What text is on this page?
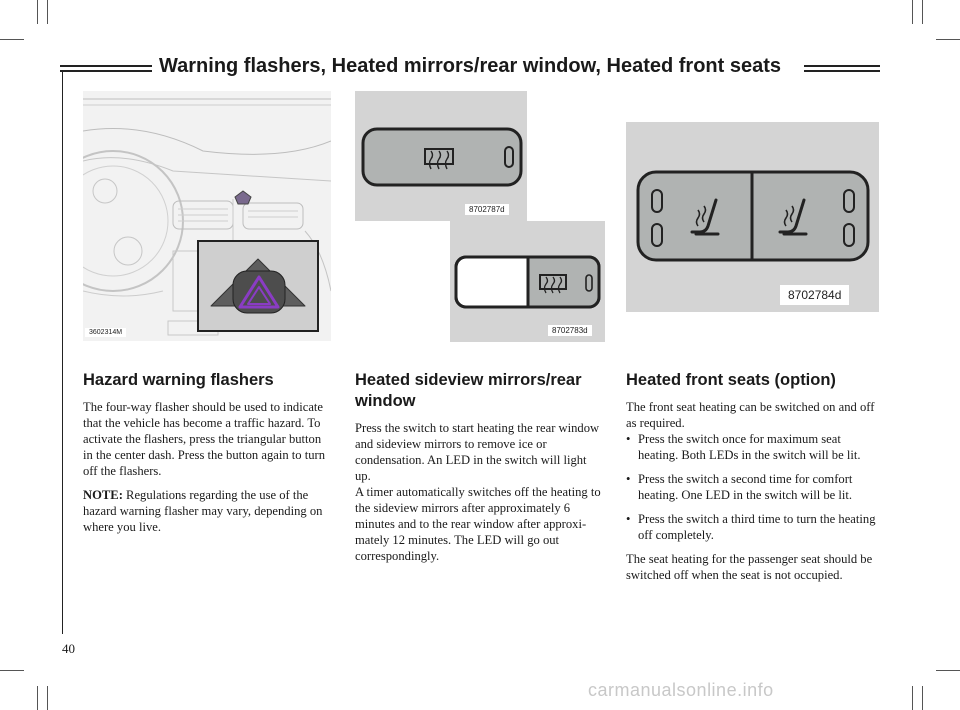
Warning flashers, Heated mirrors/rear window, Heated front seats
3602314M
8702787d
8702783d
8702784d
Hazard warning flashers

The four-way flasher should be used to indicate that the vehicle has become a traffic hazard. To activate the flashers, press the triangular button in the center dash. Press the button again to turn off the flashers.

NOTE: Regulations regarding the use of the hazard warning flasher may vary, depending on where you live.

Heated sideview mirrors/rear window

Press the switch to start heating the rear window and sideview mirrors to remove ice or condensation. An LED in the switch will light up.

A timer automatically switches off the heating to the sideview mirrors after approximately 6 minutes and to the rear window after approxi-mately 12 minutes. The LED will go out correspondingly.

Heated front seats (option)

The front seat heating can be switched on and off as required.

• Press the switch once for maximum seat heating. Both LEDs in the switch will be lit.

• Press the switch a second time for comfort heating. One LED in the switch will be lit.

• Press the switch a third time to turn the heating off completely.

The seat heating for the passenger seat should be switched off when the seat is not occupied.

40
carmanualsonline.info
